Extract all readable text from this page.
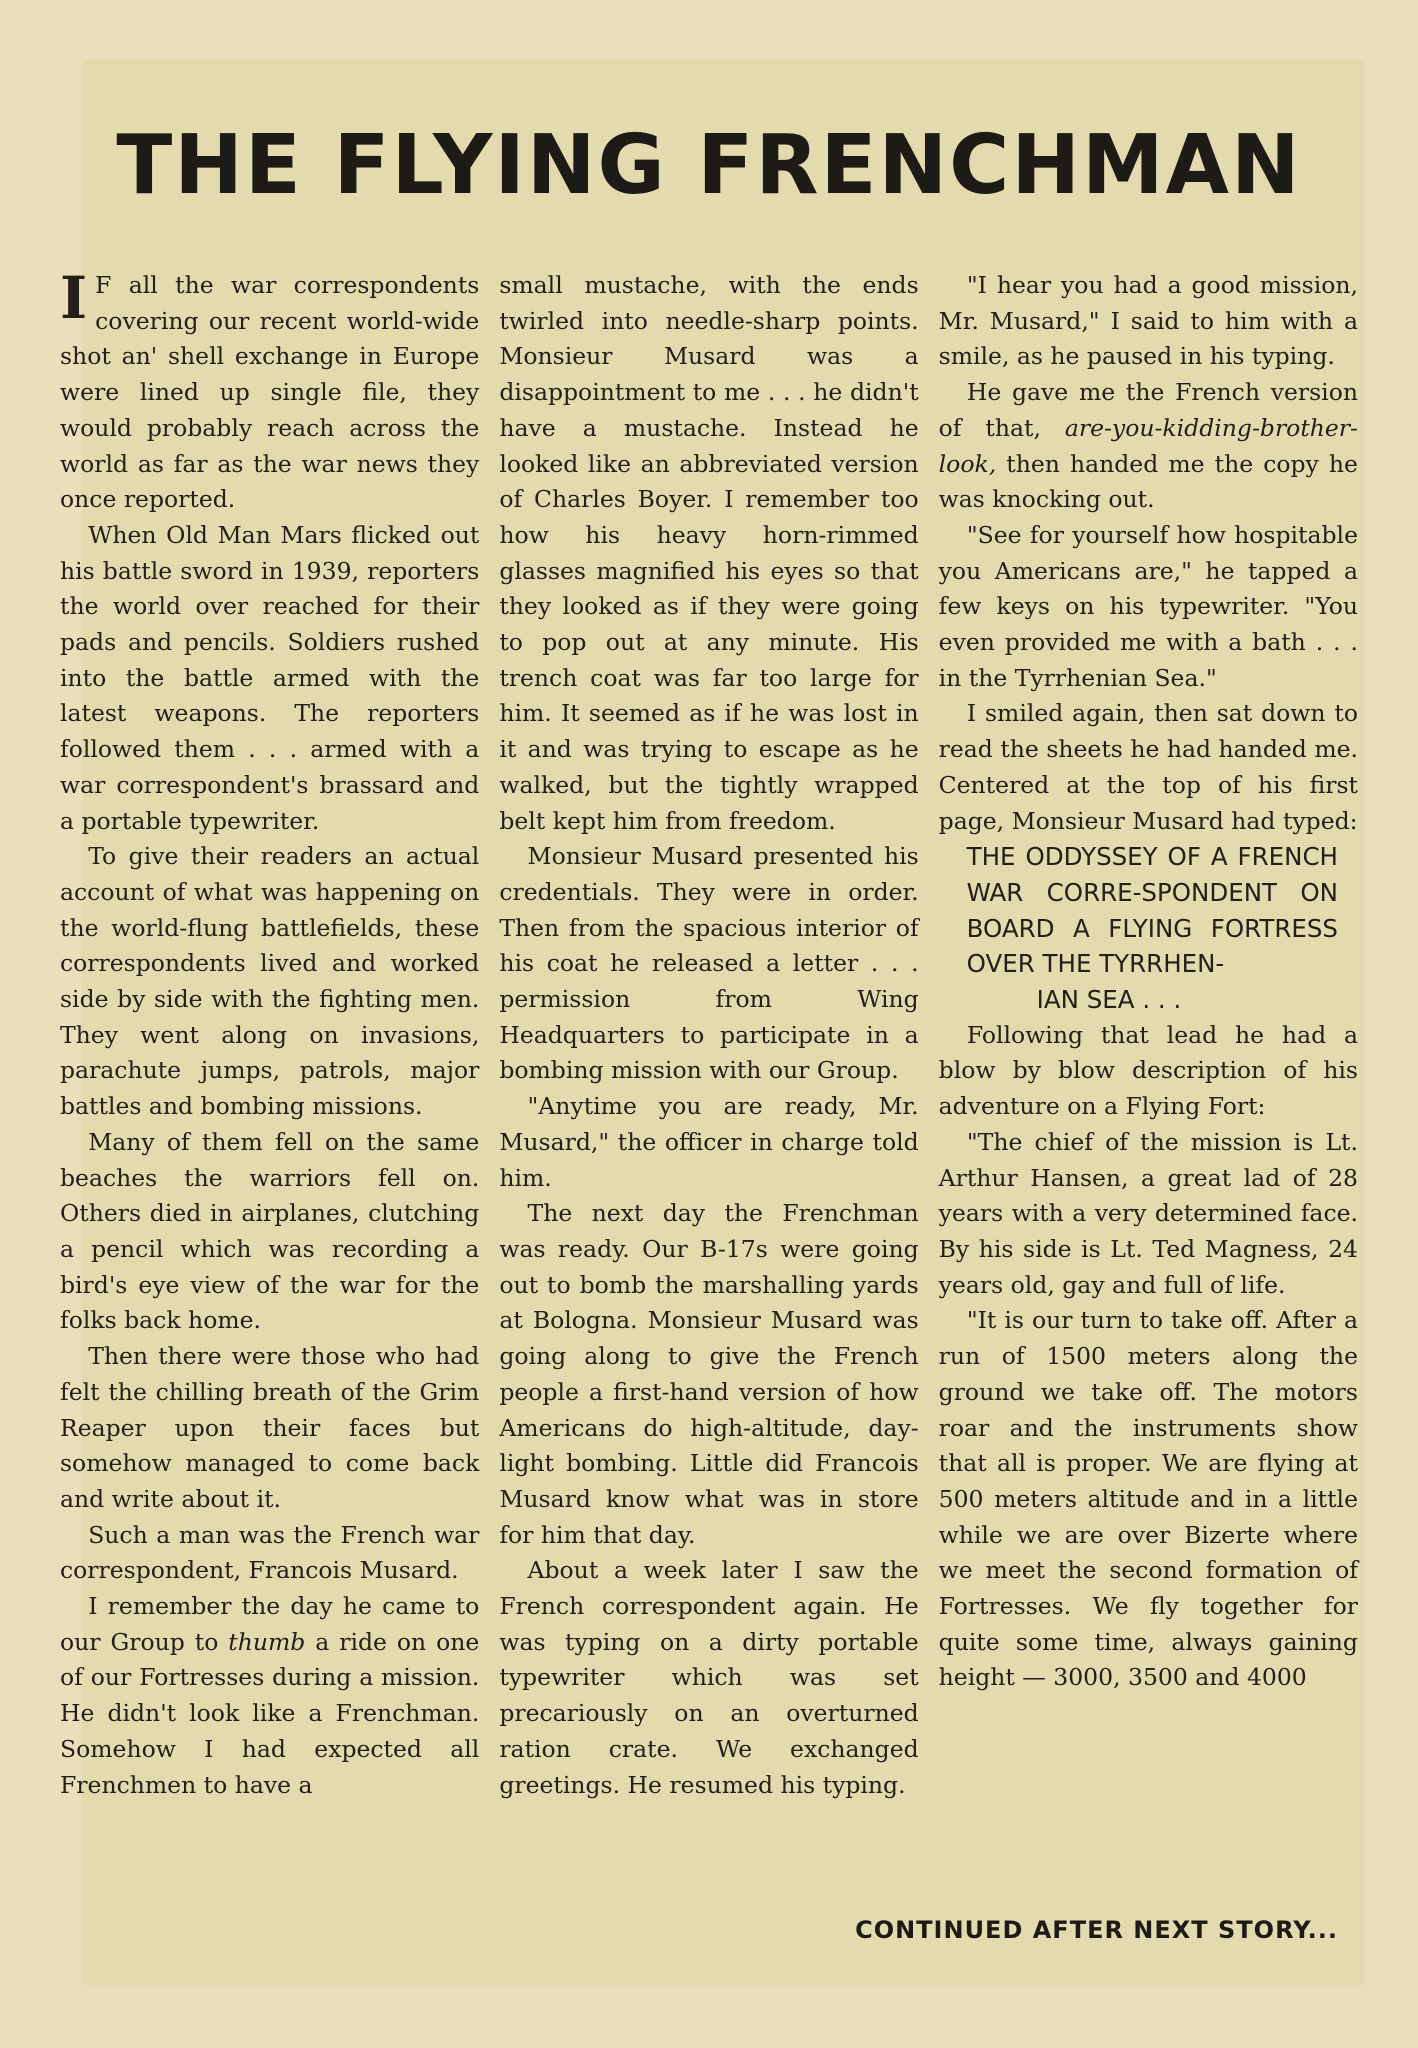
THE FLYING FRENCHMAN

I F all the war correspondents covering our recent world-wide shot an' shell exchange in Europe were lined up single file, they would probably reach across the world as far as the war news they once reported.

When Old Man Mars flicked out his battle sword in 1939, reporters the world over reached for their pads and pencils. Soldiers rushed into the battle armed with the latest weapons. The reporters followed them . . . armed with a war correspondent's brassard and a portable typewriter.

To give their readers an actual account of what was happening on the world-flung battlefields, these correspondents lived and worked side by side with the fighting men. They went along on invasions, parachute jumps, patrols, major battles and bombing missions.

Many of them fell on the same beaches the warriors fell on. Others died in airplanes, clutching a pencil which was recording a bird's eye view of the war for the folks back home.

Then there were those who had felt the chilling breath of the Grim Reaper upon their faces but somehow managed to come back and write about it.

Such a man was the French war correspondent, Francois Musard.

I remember the day he came to our Group to thumb a ride on one of our Fortresses during a mission. He didn't look like a Frenchman. Somehow I had expected all Frenchmen to have a

small mustache, with the ends twirled into needle-sharp points. Monsieur Musard was a disappointment to me . . . he didn't have a mustache. Instead he looked like an abbreviated version of Charles Boyer. I remember too how his heavy horn-rimmed glasses magnified his eyes so that they looked as if they were going to pop out at any minute. His trench coat was far too large for him. It seemed as if he was lost in it and was trying to escape as he walked, but the tightly wrapped belt kept him from freedom.

Monsieur Musard presented his credentials. They were in order. Then from the spacious interior of his coat he released a letter . . . permission from Wing Headquarters to participate in a bombing mission with our Group.

"Anytime you are ready, Mr. Musard," the officer in charge told him.

The next day the Frenchman was ready. Our B-17s were going out to bomb the marshalling yards at Bologna. Monsieur Musard was going along to give the French people a first-hand version of how Americans do high-altitude, day-light bombing. Little did Francois Musard know what was in store for him that day.

About a week later I saw the French correspondent again. He was typing on a dirty portable typewriter which was set precariously on an overturned ration crate. We exchanged greetings. He resumed his typing.

"I hear you had a good mission, Mr. Musard," I said to him with a smile, as he paused in his typing.

He gave me the French version of that, are-you-kidding-brother-look, then handed me the copy he was knocking out.

"See for yourself how hospitable you Americans are," he tapped a few keys on his typewriter. "You even provided me with a bath . . . in the Tyrrhenian Sea."

I smiled again, then sat down to read the sheets he had handed me. Centered at the top of his first page, Monsieur Musard had typed:

THE ODDYSSEY OF A FRENCH WAR CORRE-SPONDENT ON BOARD A FLYING FORTRESS OVER THE TYRRHEN-
IAN SEA . . .

Following that lead he had a blow by blow description of his adventure on a Flying Fort:

"The chief of the mission is Lt. Arthur Hansen, a great lad of 28 years with a very determined face. By his side is Lt. Ted Magness, 24 years old, gay and full of life.

"It is our turn to take off. After a run of 1500 meters along the ground we take off. The motors roar and the instruments show that all is proper. We are flying at 500 meters altitude and in a little while we are over Bizerte where we meet the second formation of Fortresses. We fly together for quite some time, always gaining height — 3000, 3500 and 4000

CONTINUED AFTER NEXT STORY...
